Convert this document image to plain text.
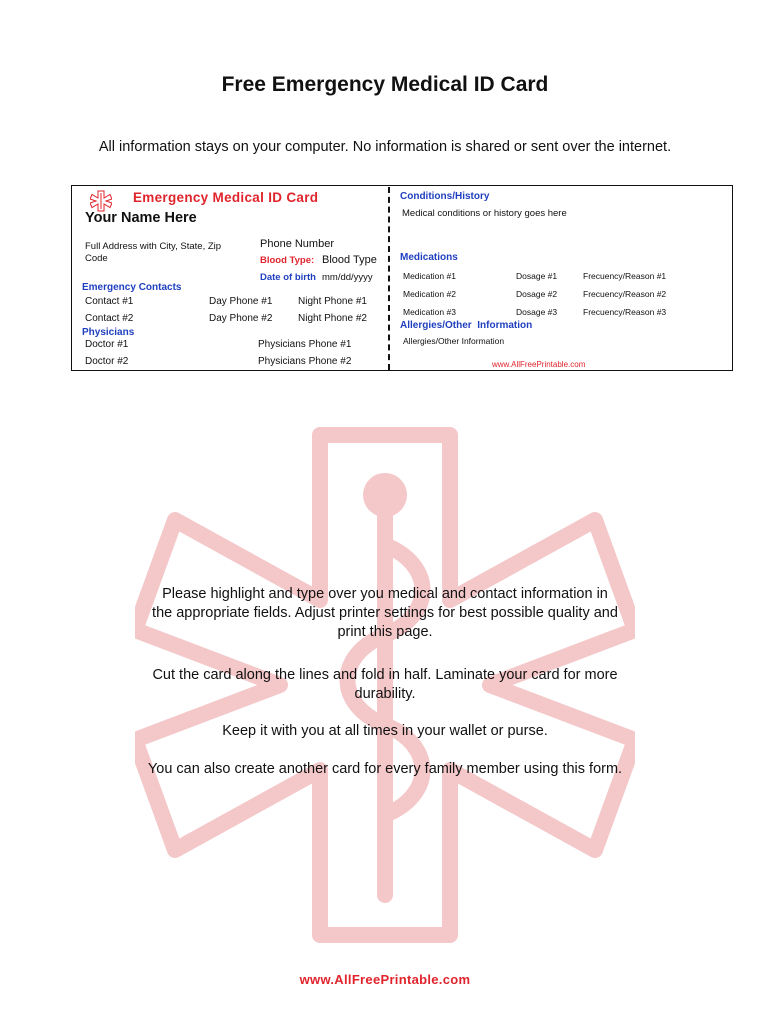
Free Emergency Medical ID Card
All information stays on your computer. No information is shared or sent over the internet.
Emergency Medical ID Card
Your Name Here
Full Address with City, State, Zip
Code
Phone Number
Blood Type: Blood Type
Date of birth mm/dd/yyyy
Emergency Contacts
Contact #1	Day Phone #1	Night Phone #1
Contact #2	Day Phone #2	Night Phone #2
Physicians
Doctor #1	Physicians Phone #1
Doctor #2	Physicians Phone #2
Conditions/History
Medical conditions or history goes here
Medications
Medication #1	Dosage #1	Frecuency/Reason #1
Medication #2	Dosage #2	Frecuency/Reason #2
Medication #3	Dosage #3	Frecuency/Reason #3
Allergies/Other  Information
Allergies/Other Information
www.AllFreePrintable.com
Please highlight and type over you medical and contact information in
the appropriate fields. Adjust printer settings for best possible quality and
print this page.
Cut the card along the lines and fold in half. Laminate your card for more
durability.
Keep it with you at all times in your wallet or purse.
You can also create another card for every family member using this form.
www.AllFreePrintable.com
